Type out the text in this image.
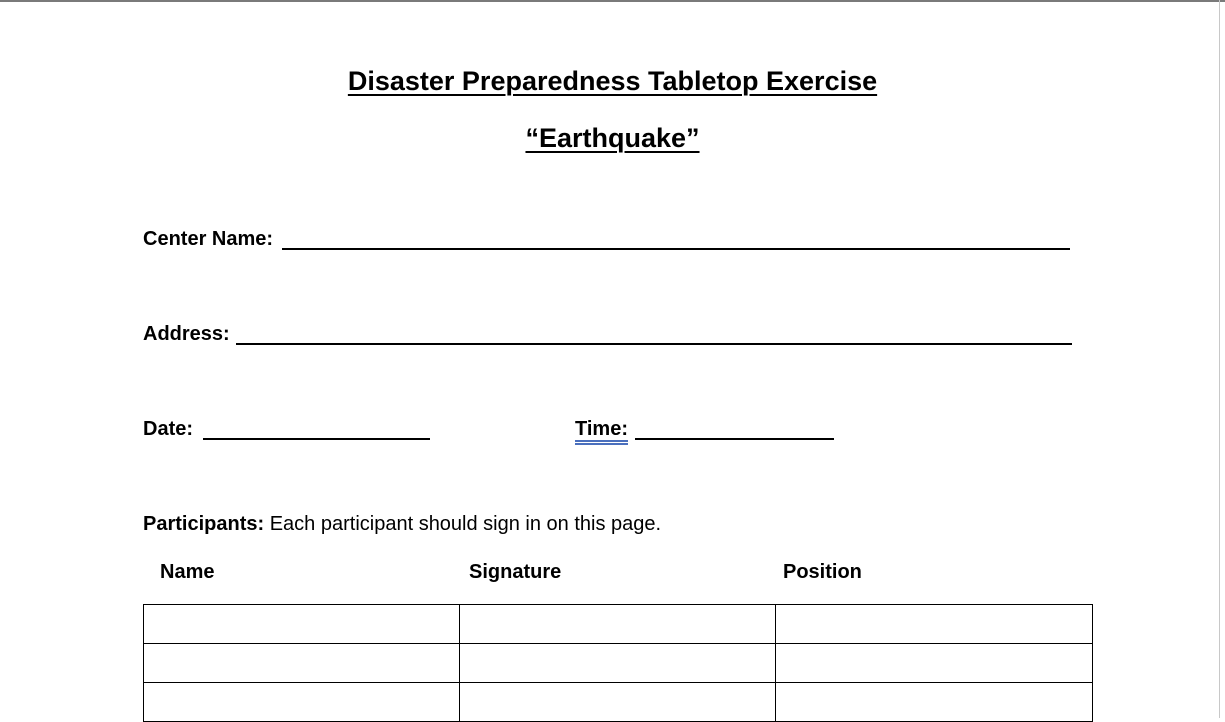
Disaster Preparedness Tabletop Exercise
“Earthquake”
Center Name:
Address:
Date:	Time:
Participants: Each participant should sign in on this page.
Name	Signature	Position
